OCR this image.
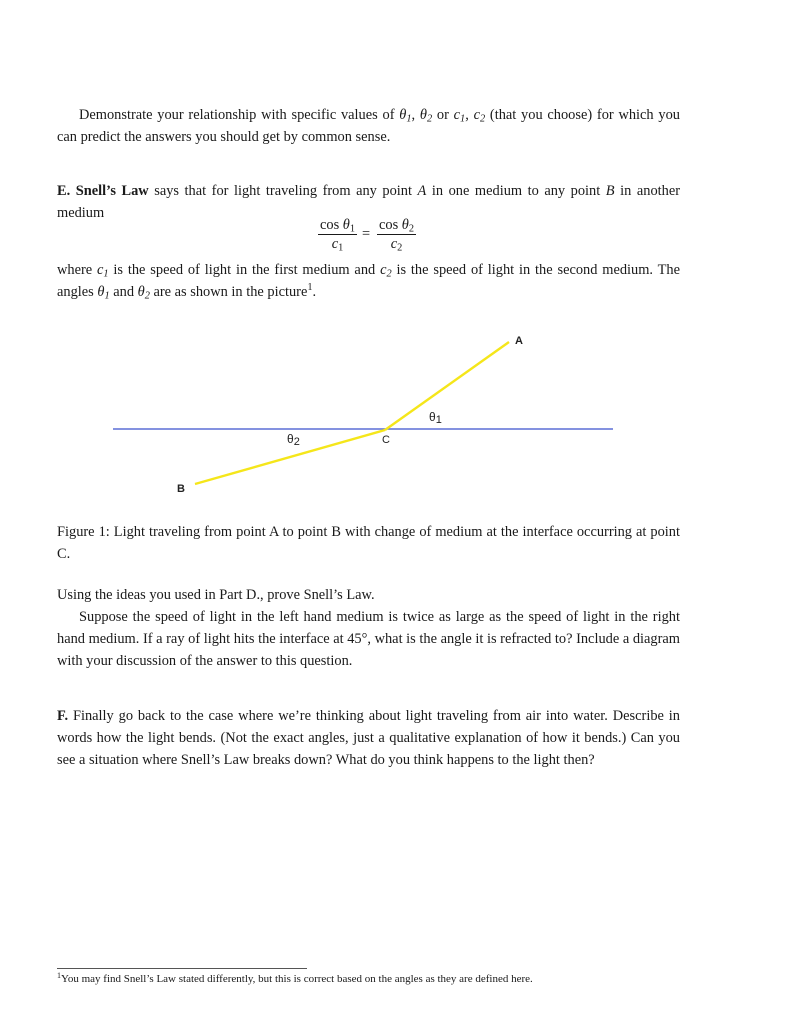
Demonstrate your relationship with specific values of $\theta_1$, $\theta_2$ or $c_1$, $c_2$ (that you choose) for which you can predict the answers you should get by common sense.
E. Snell’s Law says that for light traveling from any point A in one medium to any point B in another medium
$\frac{\cos \theta_1}{c_1} = \frac{\cos \theta_2}{c_2}$
where $c_1$ is the speed of light in the first medium and $c_2$ is the speed of light in the second medium. The angles $\theta_1$ and $\theta_2$ are as shown in the picture$^1$.
A
B
C
θ1
θ2
Figure 1: Light traveling from point A to point B with change of medium at the interface occurring at point C.
Using the ideas you used in Part D., prove Snell’s Law.
Suppose the speed of light in the left hand medium is twice as large as the speed of light in the right hand medium. If a ray of light hits the interface at 45°, what is the angle it is refracted to? Include a diagram with your discussion of the answer to this question.
F. Finally go back to the case where we’re thinking about light traveling from air into water. Describe in words how the light bends. (Not the exact angles, just a qualitative explanation of how it bends.) Can you see a situation where Snell’s Law breaks down? What do you think happens to the light then?
$^1$You may find Snell’s Law stated differently, but this is correct based on the angles as they are defined here.
